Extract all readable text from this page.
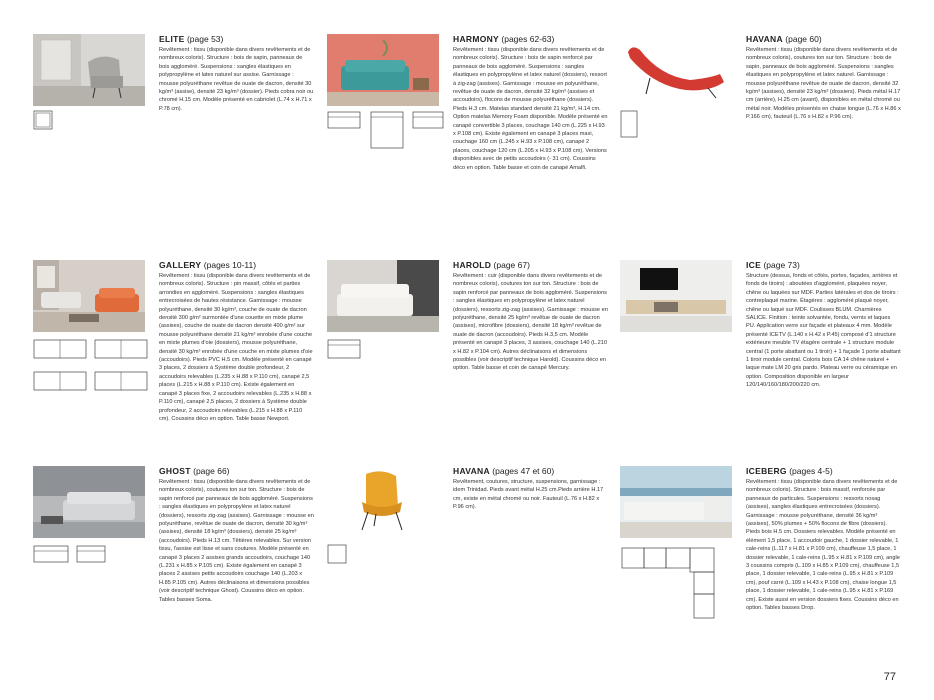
ELITE (page 53)

Revêtement : tissu (disponible dans divers revêtements et de nombreux coloris). Structure : bois de sapin, panneaux de bois aggloméré. Suspensions : sangles élastiques en polypropylène et latex naturel sur assise. Garnissage : mousse polyuréthane revêtue de ouate de dacron, densité 30 kg/m³ (assise), densité 23 kg/m³ (dossier). Pieds cobra noir ou chromé H.15 cm. Modèle présenté en cabriolet (L.74 x H.71 x P.78 cm).

HARMONY (pages 62-63)

Revêtement : tissu (disponible dans divers revêtements et de nombreux coloris). Structure : bois de sapin renforcé par panneaux de bois aggloméré. Suspensions : sangles élastiques en polypropylène et latex naturel (dossiers), ressort à zig-zag (assises). Garnissage : mousse en polyuréthane, revêtue de ouate de dacron, densité 32 kg/m³ (assises et accoudoirs), flocons de mousse polyuréthane (dossiers). Pieds H.3 cm. Matelas standard densité 21 kg/m³, H.14 cm. Option matelas Memory Foam disponible. Modèle présenté en canapé convertible 3 places, couchage 140 cm (L.225 x H.93 x P.108 cm). Existe également en canapé 3 places maxi, couchage 160 cm (L.245 x H.93 x P.108 cm), canapé 2 places, couchage 120 cm (L.205 x H.93 x P.108 cm). Versions disponibles avec de petits accoudoirs (- 31 cm). Coussins déco en option. Table basse et coin de canapé Amalfi.

HAVANA (page 60)

Revêtement : tissu (disponible dans divers revêtements et de nombreux coloris), coutures ton sur ton. Structure : bois de sapin, panneaux de bois aggloméré. Suspensions : sangles élastiques en polypropylène et latex naturel. Garnissage : mousse polyuréthane revêtue de ouate de dacron, densité 32 kg/m³ (assises), densité 23 kg/m³ (dossiers). Pieds métal H.17 cm (arrière), H.25 cm (avant), disponibles en métal chromé ou métal noir. Modèles présentés en chaise longue (L.76 x H.86 x P.166 cm), fauteuil (L.76 x H.82 x P.96 cm).

GALLERY (pages 10-11)

Revêtement : tissu (disponible dans divers revêtements et de nombreux coloris). Structure : pin massif, côtés et parties arrondies en aggloméré. Suspensions : sangles élastiques entrecroisées de hautes résistance. Garnissage : mousse polyuréthane, densité 30 kg/m³, couche de ouate de dacron densité 300 g/m² surmontée d'une couette en mixte plume (assises), couche de ouate de dacron densité 400 g/m² sur mousse polyuréthane densité 21 kg/m³ enrobée d'une couche en mixte plumes d'oie (dossiers), mousse polyuréthane, densité 30 kg/m³ enrobée d'une couche en mixte plumes d'oie (accoudoirs). Pieds PVC H.5 cm. Modèle présenté en canapé 3 places, 2 dossiers à Système double profondeur, 2 accoudoirs relevables (L.235 x H.88 x P.110 cm), canapé 2,5 places (L.215 x H.88 x P.110 cm). Existe également en canapé 3 places fixe, 2 accoudoirs relevables (L.235 x H.88 x P.110 cm), canapé 2,5 places, 2 dossiers à Système double profondeur, 2 accoudoirs relevables (L.215 x H.88 x P.110 cm). Coussins déco en option. Table basse Newport.

HAROLD (page 67)

Revêtement : cuir (disponible dans divers revêtements et de nombreux coloris), coutures ton sur ton. Structure : bois de sapin renforcé par panneaux de bois aggloméré. Suspensions : sangles élastiques en polypropylène et latex naturel (dossiers), ressorts zig-zag (assises). Garnissage : mousse en polyuréthane, densité 25 kg/m³ revêtue de ouate de dacron (assises), microfibre (dossiers), densité 18 kg/m³ revêtue de ouate de dacron (accoudoirs). Pieds H.3,5 cm. Modèle présenté en canapé 3 places, 3 assises, couchage 140 (L.210 x H.82 x P.104 cm). Autres déclinaisons et dimensions possibles (voir descriptif technique Harold). Coussins déco en option. Table basse et coin de canapé Mercury.

ICE (page 73)

Structure (dessus, fonds et côtés, portes, façades, arrières et fonds de tiroirs) : aboutées d'aggloméré, plaquées noyer, chêne ou laquées sur MDF. Parties latérales et dos de tiroirs : contreplaqué marine. Étagères : aggloméré plaqué noyer, chêne ou laqué sur MDF. Coulisses BLUM. Charnières SALICE. Finition : teinte solvantée, fondu, vernis et laques PU. Application verre sur façade et plateaux 4 mm. Modèle présenté ICETV (L.140 x H.42 x P.45) composé d'1 structure extérieure meuble TV étagère centrale + 1 structure module central (1 porte abattant ou 1 tiroir) + 1 façade 1 porte abattant 1 tiroir module central. Coloris bois CA 14 chêne naturel + laque mate LM 20 gris pardo. Plateau verre ou céramique en option. Composition disponible en largeur 120/140/160/180/200/220 cm.

GHOST (page 66)

Revêtement : tissu (disponible dans divers revêtements et de nombreux coloris), coutures ton sur ton. Structure : bois de sapin renforcé par panneaux de bois aggloméré. Suspensions : sangles élastiques en polypropylène et latex naturel (dossiers), ressorts zig-zag (assises). Garnissage : mousse en polyuréthane, revêtue de ouate de dacron, densité 30 kg/m³ (assises), densité 18 kg/m³ (dossiers), densité 25 kg/m³ (accoudoirs). Pieds H.13 cm. Têtières relevables. Sur version tissu, l'assise est lisse et sans coutures. Modèle présenté en canapé 3 places 2 assises grands accoudoirs, couchage 140 (L.231 x H.85 x P.105 cm). Existe également en canapé 3 places 2 assises petits accoudoirs couchage 140 (L.203 x H.85 P.105 cm). Autres déclinaisons et dimensions possibles (voir descriptif technique Ghost). Coussins déco en option. Tables basses Soma.

HAVANA (pages 47 et 60)

Revêtement, coutures, structure, suspensions, garnissage : idem Trinidad. Pieds avant métal H.25 cm.Pieds arrière H.17 cm, existe en métal chromé ou noir. Fauteuil (L.76 x H.82 x P.96 cm).

ICEBERG (pages 4-5)

Revêtement : tissu (disponible dans divers revêtements et de nombreux coloris). Structure : bois massif, renforcée par panneaux de particules. Suspensions : ressorts nosag (assises), sangles élastiques entrecroisées (dossiers). Garnissage : mousse polyuréthane, densité 36 kg/m³ (assises), 50% plumes + 50% flocons de fibre (dossiers). Pieds bois H.5 cm. Dossiers relevables. Modèle présenté en élément 1,5 place, 1 accoudoir gauche, 1 dossier relevable, 1 cale-reins (L.117 x H.81 x P.109 cm), chauffeuse 1,5 place, 1 dossier relevable, 1 cale-reins (L.95 x H.81 x P.109 cm), angle 3 coussins compris (L.109 x H.85 x P.109 cm), chauffeuse 1,5 place, 1 dossier relevable, 1 cale-reins (L.95 x H.81 x P.109 cm), pouf carré (L.109 x H.43 x P.108 cm), chaise longue 1,5 place, 1 dossier relevable, 1 cale-reins (L.95 x H.81 x P.169 cm). Existe aussi en version dossiers fixes. Coussins déco en option. Tables basses Drop.

77
